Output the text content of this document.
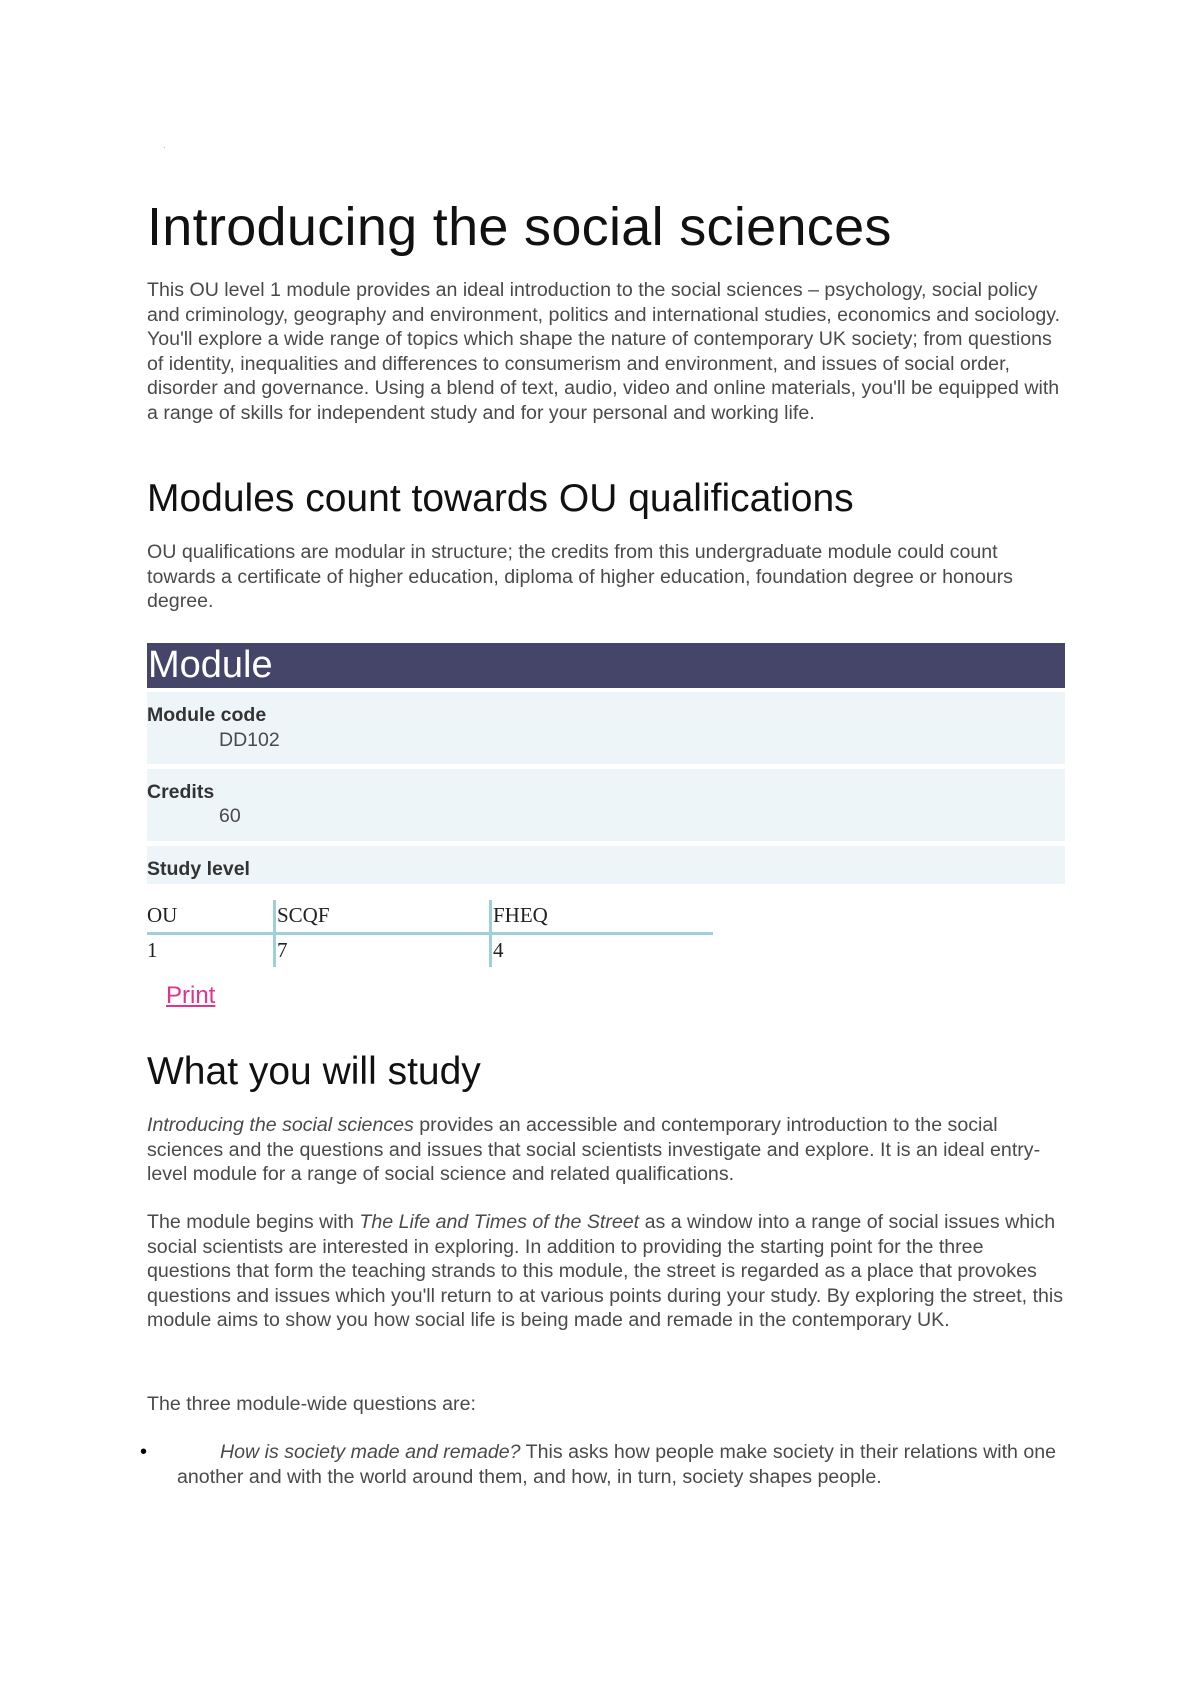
·
Introducing the social sciences

This OU level 1 module provides an ideal introduction to the social sciences – psychology, social policy and criminology, geography and environment, politics and international studies, economics and sociology. You'll explore a wide range of topics which shape the nature of contemporary UK society; from questions of identity, inequalities and differences to consumerism and environment, and issues of social order, disorder and governance. Using a blend of text, audio, video and online materials, you'll be equipped with a range of skills for independent study and for your personal and working life.

Modules count towards OU qualifications

OU qualifications are modular in structure; the credits from this undergraduate module could count towards a certificate of higher education, diploma of higher education, foundation degree or honours degree.

Module
Module code
DD102
Credits
60
Study level
OU	SCQF	FHEQ
1	7	4
Print
What you will study

Introducing the social sciences provides an accessible and contemporary introduction to the social sciences and the questions and issues that social scientists investigate and explore. It is an ideal entry-level module for a range of social science and related qualifications.

The module begins with The Life and Times of the Street as a window into a range of social issues which social scientists are interested in exploring. In addition to providing the starting point for the three questions that form the teaching strands to this module, the street is regarded as a place that provokes questions and issues which you'll return to at various points during your study. By exploring the street, this module aims to show you how social life is being made and remade in the contemporary UK.

The three module-wide questions are:

•	How is society made and remade? This asks how people make society in their relations with one another and with the world around them, and how, in turn, society shapes people.
